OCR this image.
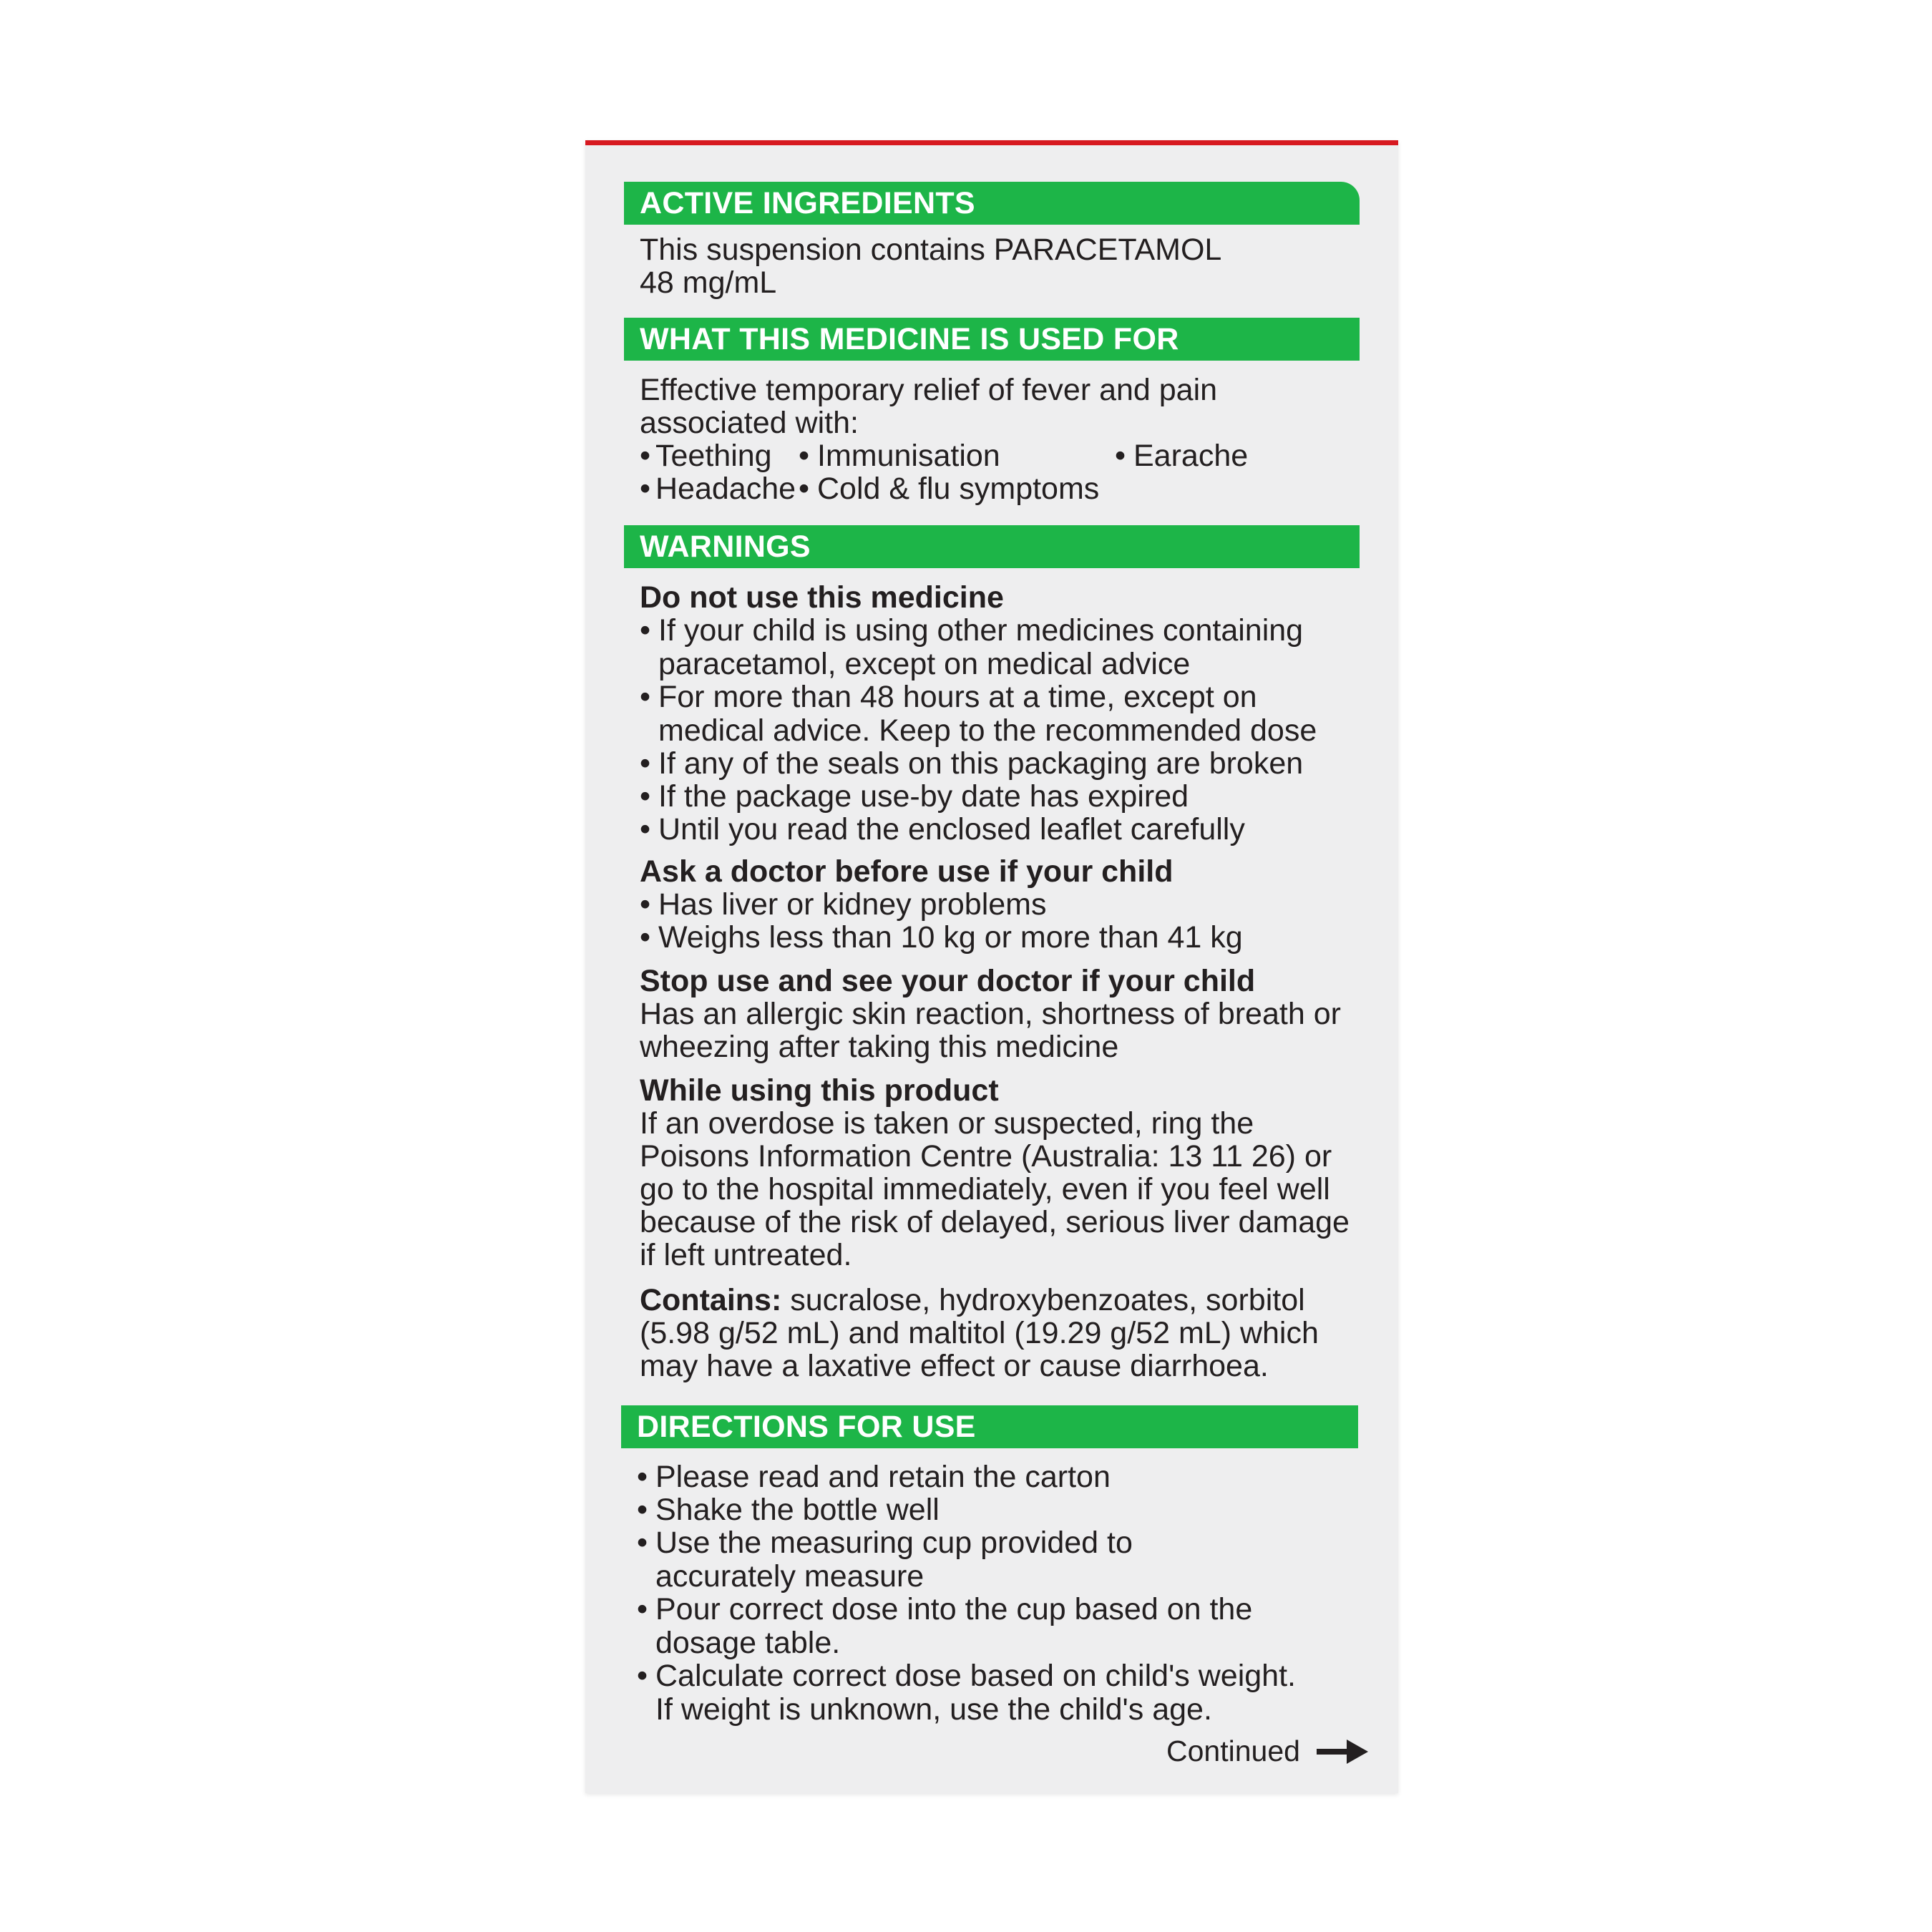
ACTIVE INGREDIENTS
This suspension contains PARACETAMOL
48 mg/mL
WHAT THIS MEDICINE IS USED FOR
Effective temporary relief of fever and pain
associated with:
• Teething • Immunisation	• Earache
• Headache • Cold & flu symptoms
WARNINGS
Do not use this medicine
• If your child is using other medicines containing
paracetamol, except on medical advice
• For more than 48 hours at a time, except on
medical advice. Keep to the recommended dose
• If any of the seals on this packaging are broken
• If the package use-by date has expired
• Until you read the enclosed leaflet carefully
Ask a doctor before use if your child
• Has liver or kidney problems
• Weighs less than 10 kg or more than 41 kg
Stop use and see your doctor if your child
Has an allergic skin reaction, shortness of breath or
wheezing after taking this medicine
While using this product
If an overdose is taken or suspected, ring the
Poisons Information Centre (Australia: 13 11 26) or
go to the hospital immediately, even if you feel well
because of the risk of delayed, serious liver damage
if left untreated.
Contains: sucralose, hydroxybenzoates, sorbitol
(5.98 g/52 mL) and maltitol (19.29 g/52 mL) which
may have a laxative effect or cause diarrhoea.
DIRECTIONS FOR USE
• Please read and retain the carton
• Shake the bottle well
• Use the measuring cup provided to
accurately measure
• Pour correct dose into the cup based on the
dosage table.
• Calculate correct dose based on child's weight.
If weight is unknown, use the child's age.
Continued
